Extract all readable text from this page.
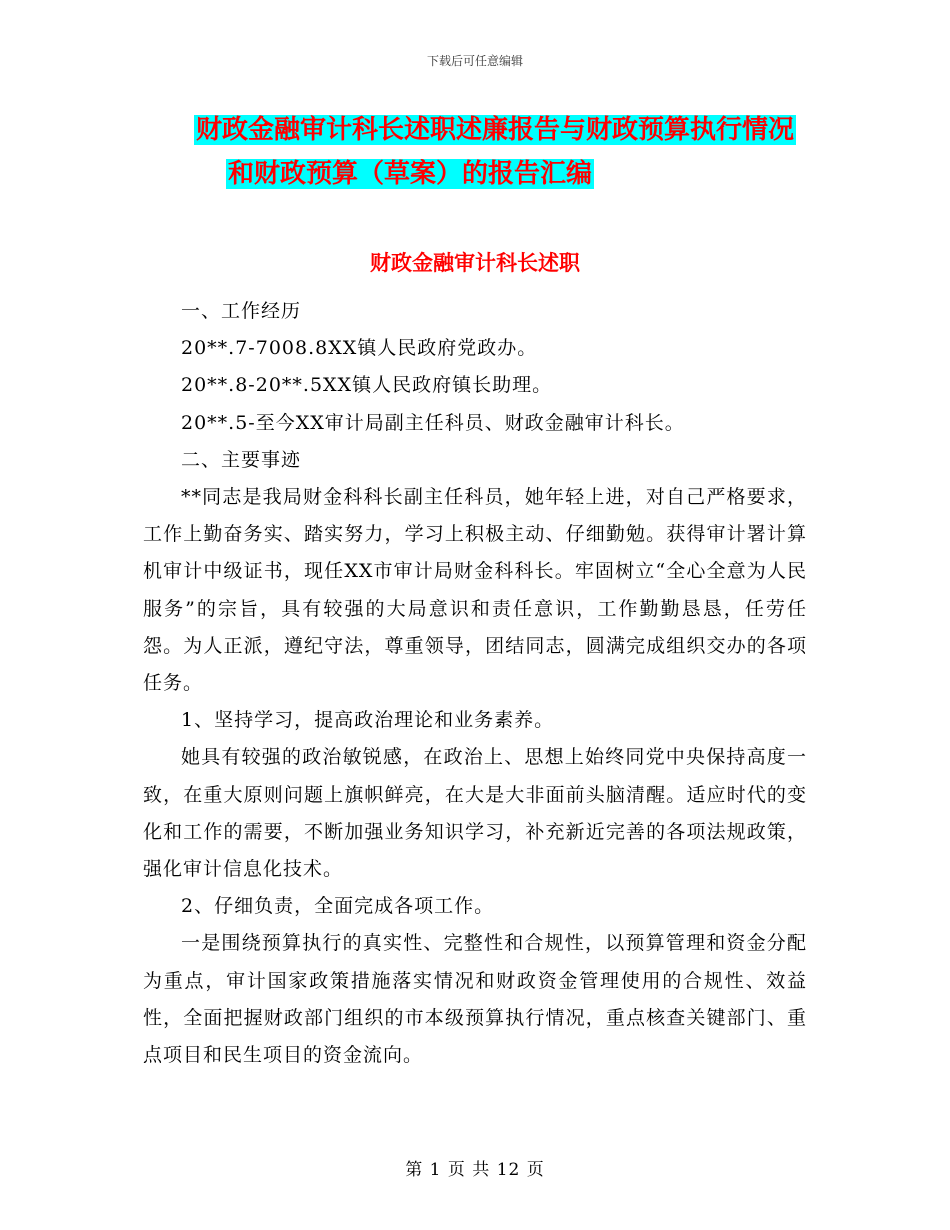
下载后可任意编辑
财政金融审计科长述职述廉报告与财政预算执行情况
和财政预算（草案）的报告汇编
财政金融审计科长述职

一、工作经历

20**.7-7008.8XX镇人民政府党政办。

20**.8-20**.5XX镇人民政府镇长助理。

20**.5-至今XX审计局副主任科员、财政金融审计科长。

二、主要事迹

**同志是我局财金科科长副主任科员，她年轻上进，对自己严格要求，工作上勤奋务实、踏实努力，学习上积极主动、仔细勤勉。获得审计署计算机审计中级证书，现任XX市审计局财金科科长。牢固树立“全心全意为人民服务”的宗旨，具有较强的大局意识和责任意识，工作勤勤恳恳，任劳任怨。为人正派，遵纪守法，尊重领导，团结同志，圆满完成组织交办的各项任务。

1、坚持学习，提高政治理论和业务素养。

她具有较强的政治敏锐感，在政治上、思想上始终同党中央保持高度一致，在重大原则问题上旗帜鲜亮，在大是大非面前头脑清醒。适应时代的变化和工作的需要，不断加强业务知识学习，补充新近完善的各项法规政策，强化审计信息化技术。

2、仔细负责，全面完成各项工作。

一是围绕预算执行的真实性、完整性和合规性，以预算管理和资金分配为重点，审计国家政策措施落实情况和财政资金管理使用的合规性、效益性，全面把握财政部门组织的市本级预算执行情况，重点核查关键部门、重点项目和民生项目的资金流向。

第 1 页 共 12 页
